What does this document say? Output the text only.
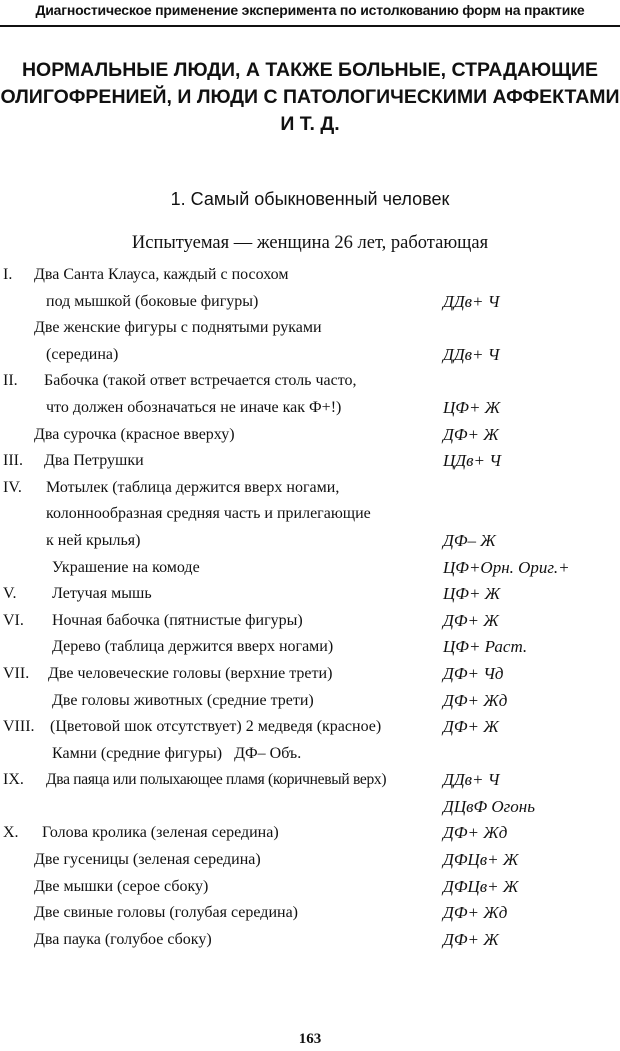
Диагностическое применение эксперимента по истолкованию форм на практике
НОРМАЛЬНЫЕ ЛЮДИ, А ТАКЖЕ БОЛЬНЫЕ, СТРАДАЮЩИЕ
ОЛИГОФРЕНИЕЙ, И ЛЮДИ С ПАТОЛОГИЧЕСКИМИ АФФЕКТАМИ
И Т. Д.
1. Самый обыкновенный человек
Испытуемая — женщина 26 лет, работающая
I. Два Санта Клауса, каждый с посохом
под мышкой (боковые фигуры)	ДДв+ Ч
Две женские фигуры с поднятыми руками
(середина)	ДДв+ Ч
II. Бабочка (такой ответ встречается столь часто,
что должен обозначаться не иначе как Ф+!)	ЦФ+ Ж
Два сурочка (красное вверху)	ДФ+ Ж
III. Два Петрушки	ЦДв+ Ч
IV. Мотылек (таблица держится вверх ногами,
колоннообразная средняя часть и прилегающие
к ней крылья)	ДФ– Ж
Украшение на комоде	ЦФ+Орн. Ориг.+
V. Летучая мышь	ЦФ+ Ж
VI. Ночная бабочка (пятнистые фигуры)	ДФ+ Ж
Дерево (таблица держится вверх ногами)	ЦФ+ Раст.
VII. Две человеческие головы (верхние трети)	ДФ+ Чд
Две головы животных (средние трети)	ДФ+ Жд
VIII. (Цветовой шок отсутствует) 2 медведя (красное)	ДФ+ Ж
Камни (средние фигуры) ДФ– Объ.
IX. Два паяца или полыхающее пламя (коричневый верх)	ДДв+ Ч
ДЦвФ Огонь
X. Голова кролика (зеленая середина)	ДФ+ Жд
Две гусеницы (зеленая середина)	ДФЦв+ Ж
Две мышки (серое сбоку)	ДФЦв+ Ж
Две свиные головы (голубая середина)	ДФ+ Жд
Два паука (голубое сбоку)	ДФ+ Ж
163
